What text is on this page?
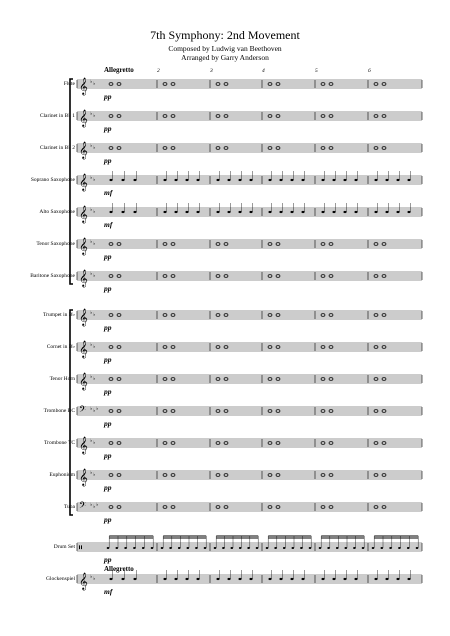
7th Symphony: 2nd Movement
Composed by Ludwig van Beethoven
Arranged by Garry Anderson
Allegretto
Allegretto
2	3	4	5	6
𝄞 ♭ ♭
𝄞 ♭ ♭
𝄞 ♭ ♭
𝄞 ♭ ♭
𝄞 ♭ ♭
𝄞 ♭ ♭
𝄞 ♭ ♭
𝄞 ♭ ♭
𝄞 ♭ ♭
𝄞 ♭ ♭
𝄢 ♭ ♭ ♭
𝄞 ♭ ♭
𝄞 ♭ ♭
𝄢 ♭ ♭ ♭
𝄥
𝄞 ♭ ♭
Flute
pp
Clarinet in B♭ 1
pp
Clarinet in B♭ 2
pp
Soprano Saxophone
mf
Alto Saxophone
mf
Tenor Saxophone
pp
Baritone Saxophone
pp
Trumpet in B♭
pp
Cornet in B♭
pp
Tenor Horn
pp
Trombone BC
pp
Trombone TC
pp
Euphonium
pp
Tuba
pp
Drum Set
pp
Glockenspiel
mf
